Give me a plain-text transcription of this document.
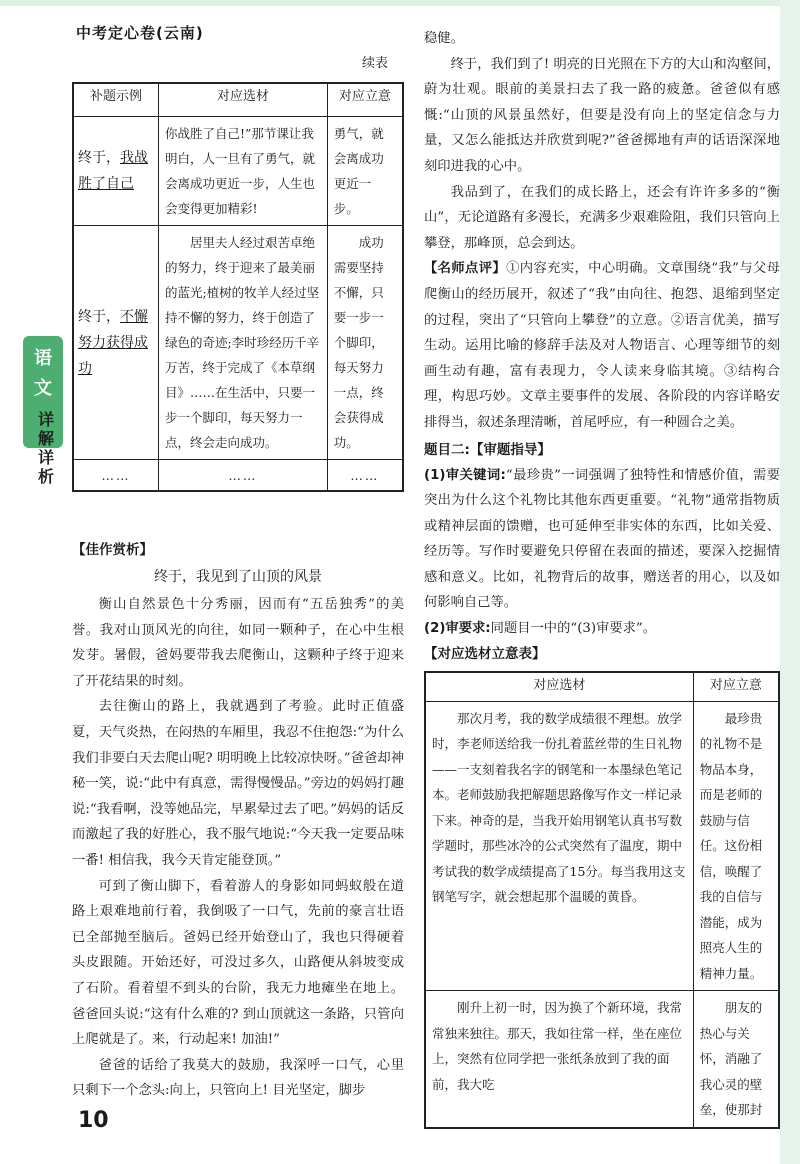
中考定心卷(云南)
语
文
详
解
详
析
续表
补题示例	对应选材	对应立意
终于，我战胜了自己	你战胜了自己!”那节课让我明白，人一旦有了勇气，就会离成功更近一步，人生也会变得更加精彩!	勇气，就会离成功更近一步。
终于，不懈努力获得成功	居里夫人经过艰苦卓绝的努力，终于迎来了最美丽的蓝光;植树的牧羊人经过坚持不懈的努力，终于创造了绿色的奇迹;李时珍经历千辛万苦，终于完成了《本草纲目》……在生活中，只要一步一个脚印，每天努力一点，终会走向成功。	成功需要坚持不懈，只要一步一个脚印，每天努力一点，终会获得成功。
……	……	……
【佳作赏析】
终于，我见到了山顶的风景

衡山自然景色十分秀丽，因而有“五岳独秀”的美誉。我对山顶风光的向往，如同一颗种子，在心中生根发芽。暑假，爸妈要带我去爬衡山，这颗种子终于迎来了开花结果的时刻。

去往衡山的路上，我就遇到了考验。此时正值盛夏，天气炎热，在闷热的车厢里，我忍不住抱怨:“为什么我们非要白天去爬山呢? 明明晚上比较凉快呀。”爸爸却神秘一笑，说:“此中有真意，需得慢慢品。”旁边的妈妈打趣说:“我看啊，没等她品完，早累晕过去了吧。”妈妈的话反而激起了我的好胜心，我不服气地说:“今天我一定要品味一番! 相信我，我今天肯定能登顶。”

可到了衡山脚下，看着游人的身影如同蚂蚁般在道路上艰难地前行着，我倒吸了一口气，先前的豪言壮语已全部抛至脑后。爸妈已经开始登山了，我也只得硬着头皮跟随。开始还好，可没过多久，山路便从斜坡变成了石阶。看着望不到头的台阶，我无力地瘫坐在地上。爸爸回头说:“这有什么难的? 到山顶就这一条路，只管向上爬就是了。来，行动起来! 加油!”

爸爸的话给了我莫大的鼓励，我深呼一口气，心里只剩下一个念头:向上，只管向上! 目光坚定，脚步

稳健。

终于，我们到了! 明亮的日光照在下方的大山和沟壑间，蔚为壮观。眼前的美景扫去了我一路的疲惫。爸爸似有感慨:“山顶的风景虽然好，但要是没有向上的坚定信念与力量，又怎么能抵达并欣赏到呢?”爸爸掷地有声的话语深深地刻印进我的心中。

我品到了，在我们的成长路上，还会有许许多多的“衡山”，无论道路有多漫长，充满多少艰难险阻，我们只管向上攀登，那峰顶，总会到达。

【名师点评】①内容充实，中心明确。文章围绕“我”与父母爬衡山的经历展开，叙述了“我”由向往、抱怨、退缩到坚定的过程，突出了“只管向上攀登”的立意。②语言优美，描写生动。运用比喻的修辞手法及对人物语言、心理等细节的刻画生动有趣，富有表现力，令人读来身临其境。③结构合理，构思巧妙。文章主要事件的发展、各阶段的内容详略安排得当，叙述条理清晰，首尾呼应，有一种圆合之美。

题目二:【审题指导】

(1)审关键词:“最珍贵”一词强调了独特性和情感价值，需要突出为什么这个礼物比其他东西更重要。“礼物”通常指物质或精神层面的馈赠，也可延伸至非实体的东西，比如关爱、经历等。写作时要避免只停留在表面的描述，要深入挖掘情感和意义。比如，礼物背后的故事，赠送者的用心，以及如何影响自己等。

(2)审要求:同题目一中的“(3)审要求”。

【对应选材立意表】
对应选材	对应立意
那次月考，我的数学成绩很不理想。放学时，李老师送给我一份扎着蓝丝带的生日礼物——一支刻着我名字的钢笔和一本墨绿色笔记本。老师鼓励我把解题思路像写作文一样记录下来。神奇的是，当我开始用钢笔认真书写数学题时，那些冰冷的公式突然有了温度，期中考试我的数学成绩提高了15分。每当我用这支钢笔写字，就会想起那个温暖的黄昏。	最珍贵的礼物不是物品本身，而是老师的鼓励与信任。这份相信，唤醒了我的自信与潜能，成为照亮人生的精神力量。
刚升上初一时，因为换了个新环境，我常常独来独往。那天，我如往常一样，坐在座位上，突然有位同学把一张纸条放到了我的面前，我大吃	朋友的热心与关怀，消融了我心灵的壁垒，使那封
10
